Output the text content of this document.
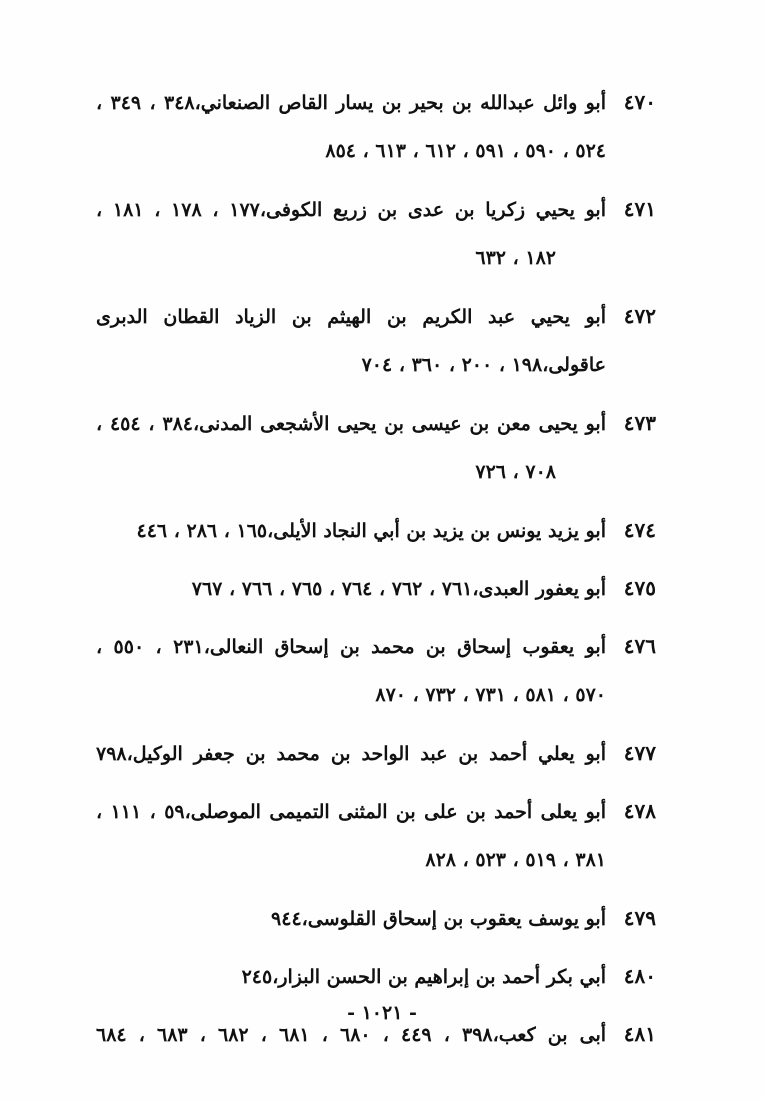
٤٧٠
أبو وائل عبدالله بن بحير بن يسار القاص الصنعاني،٣٤٨ ، ٣٤٩ ،
٥٢٤ ، ٥٩٠ ، ٥٩١ ، ٦١٢ ، ٦١٣ ، ٨٥٤
٤٧١
أبو يحيي زكريا بن عدى بن زريع الكوفى،١٧٧ ، ١٧٨ ، ١٨١ ،
١٨٢ ، ٦٣٢
٤٧٢
أبو يحيي عبد الكريم بن الهيثم بن الزياد القطان الدبرى
عاقولى،١٩٨ ، ٢٠٠ ، ٣٦٠ ، ٧٠٤
٤٧٣
أبو يحيى معن بن عيسى بن يحيى الأشجعى المدنى،٣٨٤ ، ٤٥٤ ،
٧٠٨ ، ٧٢٦
٤٧٤
أبو يزيد يونس بن يزيد بن أبي النجاد الأيلى،١٦٥ ، ٢٨٦ ، ٤٤٦
٤٧٥
أبو يعفور العبدى،٧٦١ ، ٧٦٢ ، ٧٦٤ ، ٧٦٥ ، ٧٦٦ ، ٧٦٧
٤٧٦
أبو يعقوب إسحاق بن محمد بن إسحاق النعالى،٢٣١ ، ٥٥٠ ،
٥٧٠ ، ٥٨١ ، ٧٣١ ، ٧٣٢ ، ٨٧٠
٤٧٧
أبو يعلي أحمد بن عبد الواحد بن محمد بن جعفر الوكيل،٧٩٨
٤٧٨
أبو يعلى أحمد بن على بن المثنى التميمى الموصلى،٥٩ ، ١١١ ،
٣٨١ ، ٥١٩ ، ٥٢٣ ، ٨٢٨
٤٧٩
أبو يوسف يعقوب بن إسحاق القلوسى،٩٤٤
٤٨٠
أبي بكر أحمد بن إبراهيم بن الحسن البزار،٢٤٥
٤٨١
أبى بن كعب،٣٩٨ ، ٤٤٩ ، ٦٨٠ ، ٦٨١ ، ٦٨٢ ، ٦٨٣ ، ٦٨٤
- ١٠٢١ -
